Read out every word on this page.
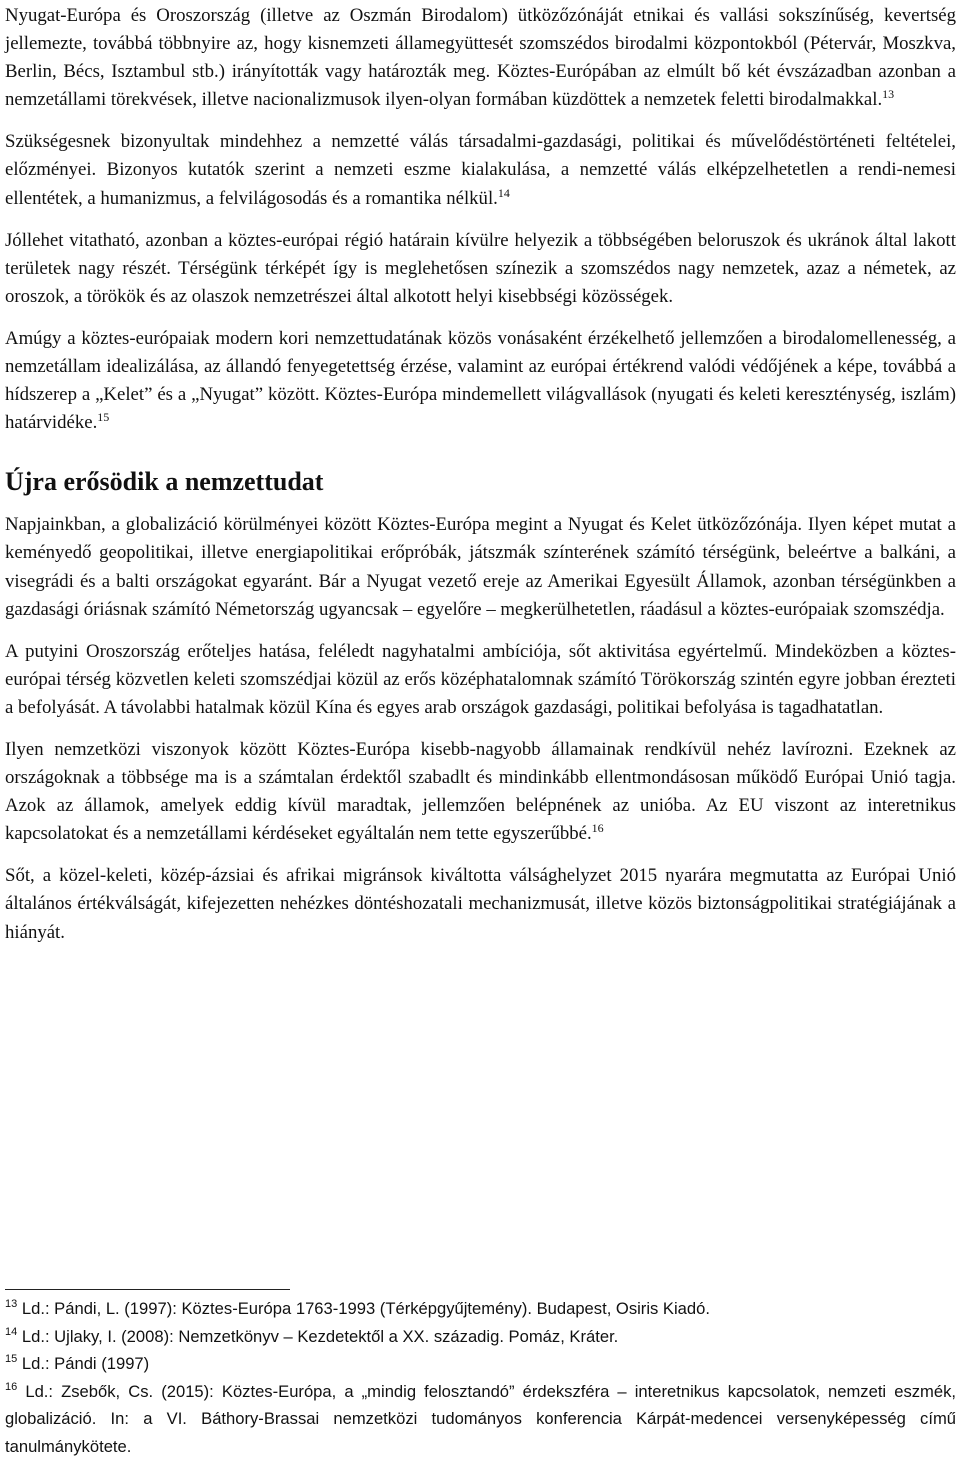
Nyugat-Európa és Oroszország (illetve az Oszmán Birodalom) ütközőzónáját etnikai és vallási sokszínűség, kevertség jellemezte, továbbá többnyire az, hogy kisnemzeti államegyüttesét szomszédos birodalmi központokból (Pétervár, Moszkva, Berlin, Bécs, Isztambul stb.) irányították vagy határozták meg. Köztes-Európában az elmúlt bő két évszázadban azonban a nemzetállami törekvések, illetve nacionalizmusok ilyen-olyan formában küzdöttek a nemzetek feletti birodalmakkal.$^{13}$

Szükségesnek bizonyultak mindehhez a nemzetté válás társadalmi-gazdasági, politikai és művelődéstörténeti feltételei, előzményei. Bizonyos kutatók szerint a nemzeti eszme kialakulása, a nemzetté válás elképzelhetetlen a rendi-nemesi ellentétek, a humanizmus, a felvilágosodás és a romantika nélkül.$^{14}$

Jóllehet vitatható, azonban a köztes-európai régió határain kívülre helyezik a többségében beloruszok és ukránok által lakott területek nagy részét. Térségünk térképét így is meglehetősen színezik a szomszédos nagy nemzetek, azaz a németek, az oroszok, a törökök és az olaszok nemzetrészei által alkotott helyi kisebbségi közösségek.

Amúgy a köztes-európaiak modern kori nemzettudatának közös vonásaként érzékelhető jellemzően a birodalomellenesség, a nemzetállam idealizálása, az állandó fenyegetettség érzése, valamint az európai értékrend valódi védőjének a képe, továbbá a hídszerep a „Kelet” és a „Nyugat” között. Köztes-Európa mindemellett világvallások (nyugati és keleti kereszténység, iszlám) határvidéke.$^{15}$

Újra erősödik a nemzettudat

Napjainkban, a globalizáció körülményei között Köztes-Európa megint a Nyugat és Kelet ütközőzónája. Ilyen képet mutat a keményedő geopolitikai, illetve energiapolitikai erőpróbák, játszmák színterének számító térségünk, beleértve a balkáni, a visegrádi és a balti országokat egyaránt. Bár a Nyugat vezető ereje az Amerikai Egyesült Államok, azonban térségünkben a gazdasági óriásnak számító Németország ugyancsak – egyelőre – megkerülhetetlen, ráadásul a köztes-európaiak szomszédja.

A putyini Oroszország erőteljes hatása, feléledt nagyhatalmi ambíciója, sőt aktivitása egyértelmű. Mindeközben a köztes-európai térség közvetlen keleti szomszédjai közül az erős középhatalomnak számító Törökország szintén egyre jobban érezteti a befolyását. A távolabbi hatalmak közül Kína és egyes arab országok gazdasági, politikai befolyása is tagadhatatlan.

Ilyen nemzetközi viszonyok között Köztes-Európa kisebb-nagyobb államainak rendkívül nehéz lavírozni. Ezeknek az országoknak a többsége ma is a számtalan érdektől szabadlt és mindinkább ellentmondásosan működő Európai Unió tagja. Azok az államok, amelyek eddig kívül maradtak, jellemzően belépnének az unióba. Az EU viszont az interetnikus kapcsolatokat és a nemzetállami kérdéseket egyáltalán nem tette egyszerűbbé.$^{16}$

Sőt, a közel-keleti, közép-ázsiai és afrikai migránsok kiváltotta válsághelyzet 2015 nyarára megmutatta az Európai Unió általános értékválságát, kifejezetten nehézkes döntéshozatali mechanizmusát, illetve közös biztonságpolitikai stratégiájának a hiányát.

$^{13}$ Ld.: Pándi, L. (1997): Köztes-Európa 1763-1993 (Térképgyűjtemény). Budapest, Osiris Kiadó.

$^{14}$ Ld.: Ujlaky, I. (2008): Nemzetkönyv – Kezdetektől a XX. századig. Pomáz, Kráter.

$^{15}$ Ld.: Pándi (1997)

$^{16}$ Ld.: Zsebők, Cs. (2015): Köztes-Európa, a „mindig felosztandó” érdekszféra – interetnikus kapcsolatok, nemzeti eszmék, globalizáció. In: a VI. Báthory-Brassai nemzetközi tudományos konferencia Kárpát-medencei versenyképesség című tanulmánykötete.
